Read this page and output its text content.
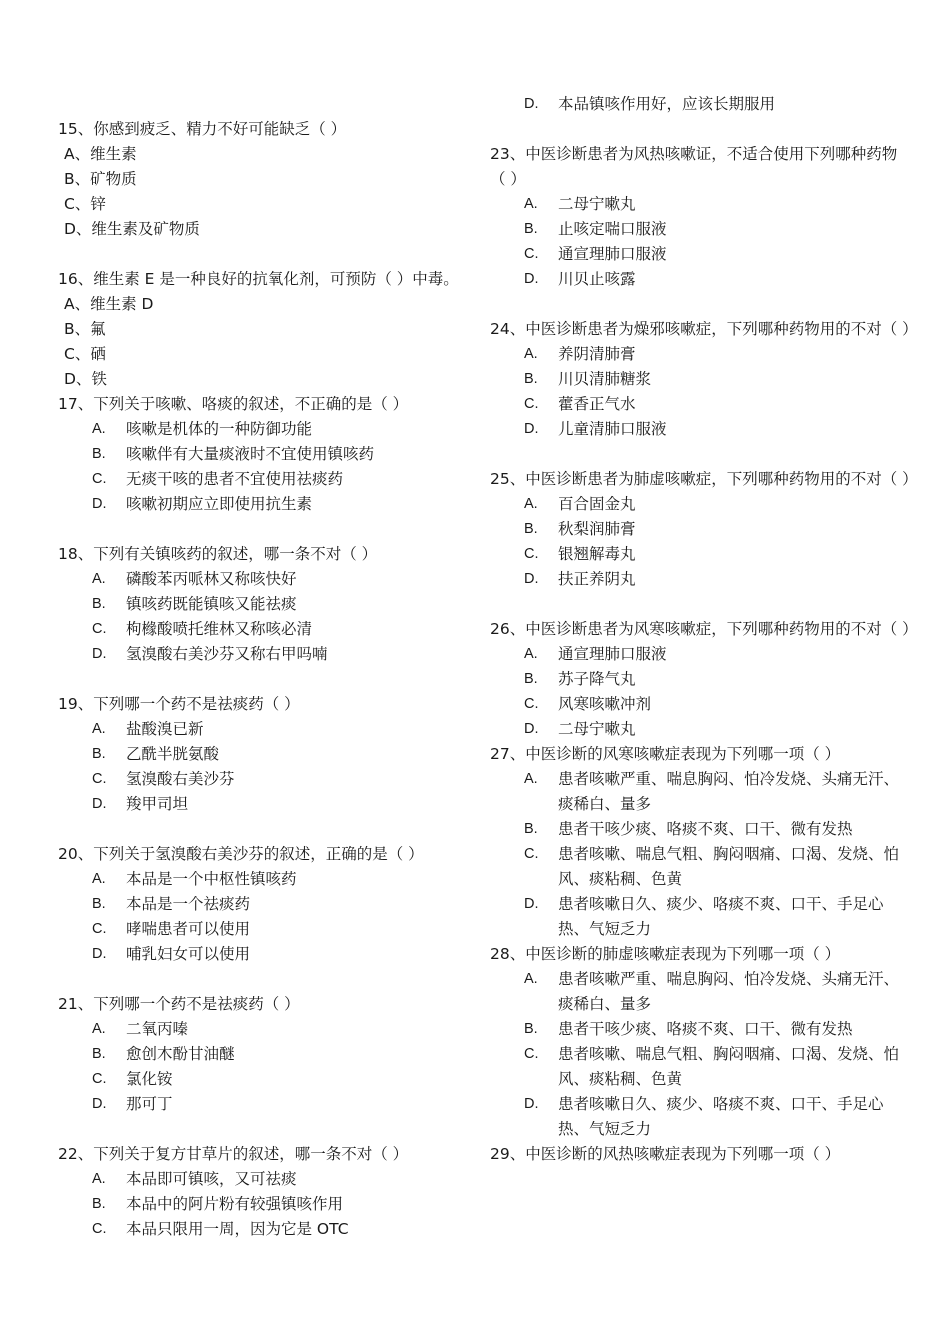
15、你感到疲乏、精力不好可能缺乏（ ）
A、维生素
B、矿物质
C、锌
D、维生素及矿物质
16、维生素 E 是一种良好的抗氧化剂，可预防（ ）中毒。
A、维生素 D
B、氟
C、硒
D、铁
17、下列关于咳嗽、咯痰的叙述，不正确的是（ ）
A.	咳嗽是机体的一种防御功能
B.	咳嗽伴有大量痰液时不宜使用镇咳药
C.	无痰干咳的患者不宜使用祛痰药
D.	咳嗽初期应立即使用抗生素
18、下列有关镇咳药的叙述，哪一条不对（ ）
A.	磷酸苯丙哌林又称咳快好
B.	镇咳药既能镇咳又能祛痰
C.	枸橼酸喷托维林又称咳必清
D.	氢溴酸右美沙芬又称右甲吗喃
19、下列哪一个药不是祛痰药（ ）
A.	盐酸溴已新
B.	乙酰半胱氨酸
C.	氢溴酸右美沙芬
D.	羧甲司坦
20、下列关于氢溴酸右美沙芬的叙述，正确的是（ ）
A.	本品是一个中枢性镇咳药
B.	本品是一个祛痰药
C.	哮喘患者可以使用
D.	哺乳妇女可以使用
21、下列哪一个药不是祛痰药（ ）
A.	二氧丙嗪
B.	愈创木酚甘油醚
C.	氯化铵
D.	那可丁
22、下列关于复方甘草片的叙述，哪一条不对（ ）
A.	本品即可镇咳，又可祛痰
B.	本品中的阿片粉有较强镇咳作用
C.	本品只限用一周，因为它是 OTC
D.	本品镇咳作用好，应该长期服用
23、中医诊断患者为风热咳嗽证，不适合使用下列哪种药物（ ）
A.	二母宁嗽丸
B.	止咳定喘口服液
C.	通宣理肺口服液
D.	川贝止咳露
24、中医诊断患者为燥邪咳嗽症，下列哪种药物用的不对（ ）
A.	养阴清肺膏
B.	川贝清肺糖浆
C.	藿香正气水
D.	儿童清肺口服液
25、中医诊断患者为肺虚咳嗽症，下列哪种药物用的不对（ ）
A.	百合固金丸
B.	秋梨润肺膏
C.	银翘解毒丸
D.	扶正养阴丸
26、中医诊断患者为风寒咳嗽症，下列哪种药物用的不对（ ）
A.	通宣理肺口服液
B.	苏子降气丸
C.	风寒咳嗽冲剂
D.	二母宁嗽丸
27、中医诊断的风寒咳嗽症表现为下列哪一项（ ）
A.	患者咳嗽严重、喘息胸闷、怕冷发烧、头痛无汗、痰稀白、量多
B.	患者干咳少痰、咯痰不爽、口干、微有发热
C.	患者咳嗽、喘息气粗、胸闷咽痛、口渴、发烧、怕风、痰粘稠、色黄
D.	患者咳嗽日久、痰少、咯痰不爽、口干、手足心热、气短乏力
28、中医诊断的肺虚咳嗽症表现为下列哪一项（ ）
A.	患者咳嗽严重、喘息胸闷、怕冷发烧、头痛无汗、痰稀白、量多
B.	患者干咳少痰、咯痰不爽、口干、微有发热
C.	患者咳嗽、喘息气粗、胸闷咽痛、口渴、发烧、怕风、痰粘稠、色黄
D.	患者咳嗽日久、痰少、咯痰不爽、口干、手足心热、气短乏力
29、中医诊断的风热咳嗽症表现为下列哪一项（ ）
